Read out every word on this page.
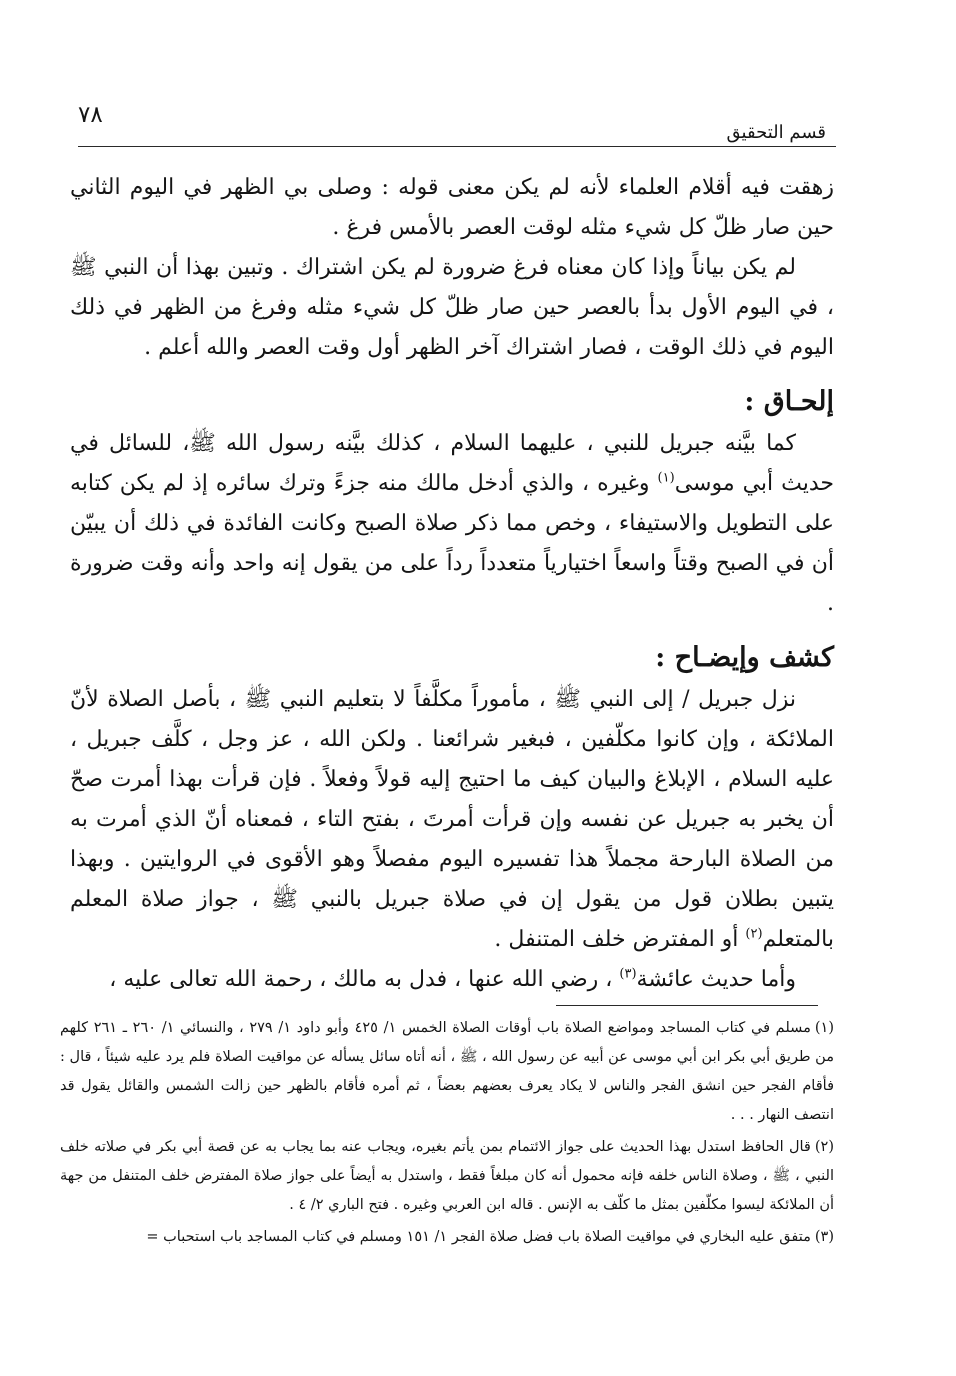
٧٨
قسم التحقيق

زهقت فيه أقلام العلماء لأنه لم يكن معنى قوله : وصلى بي الظهر في اليوم الثاني حين صار ظلّ كل شيء مثله لوقت العصر بالأمس فرغ .

لم يكن بياناً وإذا كان معناه فرغ ضرورة لم يكن اشتراك . وتبين بهذا أن النبي ﷺ ، في اليوم الأول بدأ بالعصر حين صار ظلّ كل شيء مثله وفرغ من الظهر في ذلك اليوم في ذلك الوقت ، فصار اشتراك آخر الظهر أول وقت العصر والله أعلم .

إلحـاق :

كما بيَّنه جبريل للنبي ، عليهما السلام ، كذلك بيَّنه رسول الله ﷺ، للسائل في حديث أبي موسى$^{(١)}$ وغيره ، والذي أدخل مالك منه جزءً وترك سائره إذ لم يكن كتابه على التطويل والاستيفاء ، وخص مما ذكر صلاة الصبح وكانت الفائدة في ذلك أن يبيّن أن في الصبح وقتاً واسعاً اختيارياً متعدداً رداً على من يقول إنه واحد وأنه وقت ضرورة .

كشف وإيضـاح :

نزل جبريل / إلى النبي ﷺ ، مأموراً مكلَّفاً لا بتعليم النبي ﷺ ، بأصل الصلاة لأنّ الملائكة ، وإن كانوا مكلّفين ، فبغير شرائعنا . ولكن الله ، عز وجل ، كلَّف جبريل ، عليه السلام ، الإبلاغ والبيان كيف ما احتيج إليه قولاً وفعلاً . فإن قرأت بهذا أمرت صحّ أن يخبر به جبريل عن نفسه وإن قرأت أمرتَ ، بفتح التاء ، فمعناه أنّ الذي أمرت به من الصلاة البارحة مجملاً هذا تفسيره اليوم مفصلاً وهو الأقوى في الروايتين . وبهذا يتبين بطلان قول من يقول إن في صلاة جبريل بالنبي ﷺ ، جواز صلاة المعلم بالمتعلم$^{(٢)}$ أو المفترض خلف المتنفل .

وأما حديث عائشة$^{(٣)}$ ، رضي الله عنها ، فدل به مالك ، رحمة الله تعالى عليه ،

(١)مسلم في كتاب المساجد ومواضع الصلاة باب أوقات الصلاة الخمس ١/ ٤٢٥ وأبو داود ١/ ٢٧٩ ، والنسائي ١/ ٢٦٠ ـ ٢٦١ كلهم من طريق أبي بكر ابن أبي موسى عن أبيه عن رسول الله ، ﷺ ، أنه أتاه سائل يسأله عن مواقيت الصلاة فلم يرد عليه شيئاً ، قال : فأقام الفجر حين انشق الفجر والناس لا يكاد يعرف بعضهم بعضاً ، ثم أمره فأقام بالظهر حين زالت الشمس والقائل يقول قد انتصف النهار . . .
(٢)قال الحافظ استدل بهذا الحديث على جواز الائتمام بمن يأتم بغيره، ويجاب عنه بما يجاب به عن قصة أبي بكر في صلاته خلف النبي ، ﷺ ، وصلاة الناس خلفه فإنه محمول أنه كان مبلغاً فقط ، واستدل به أيضاً على جواز صلاة المفترض خلف المتنفل من جهة أن الملائكة ليسوا مكلّفين بمثل ما كلّف به الإنس . قاله ابن العربي وغيره . فتح الباري ٢/ ٤ .
(٣)متفق عليه البخاري في مواقيت الصلاة باب فضل صلاة الفجر ١/ ١٥١ ومسلم في كتاب المساجد باب استحباب =
